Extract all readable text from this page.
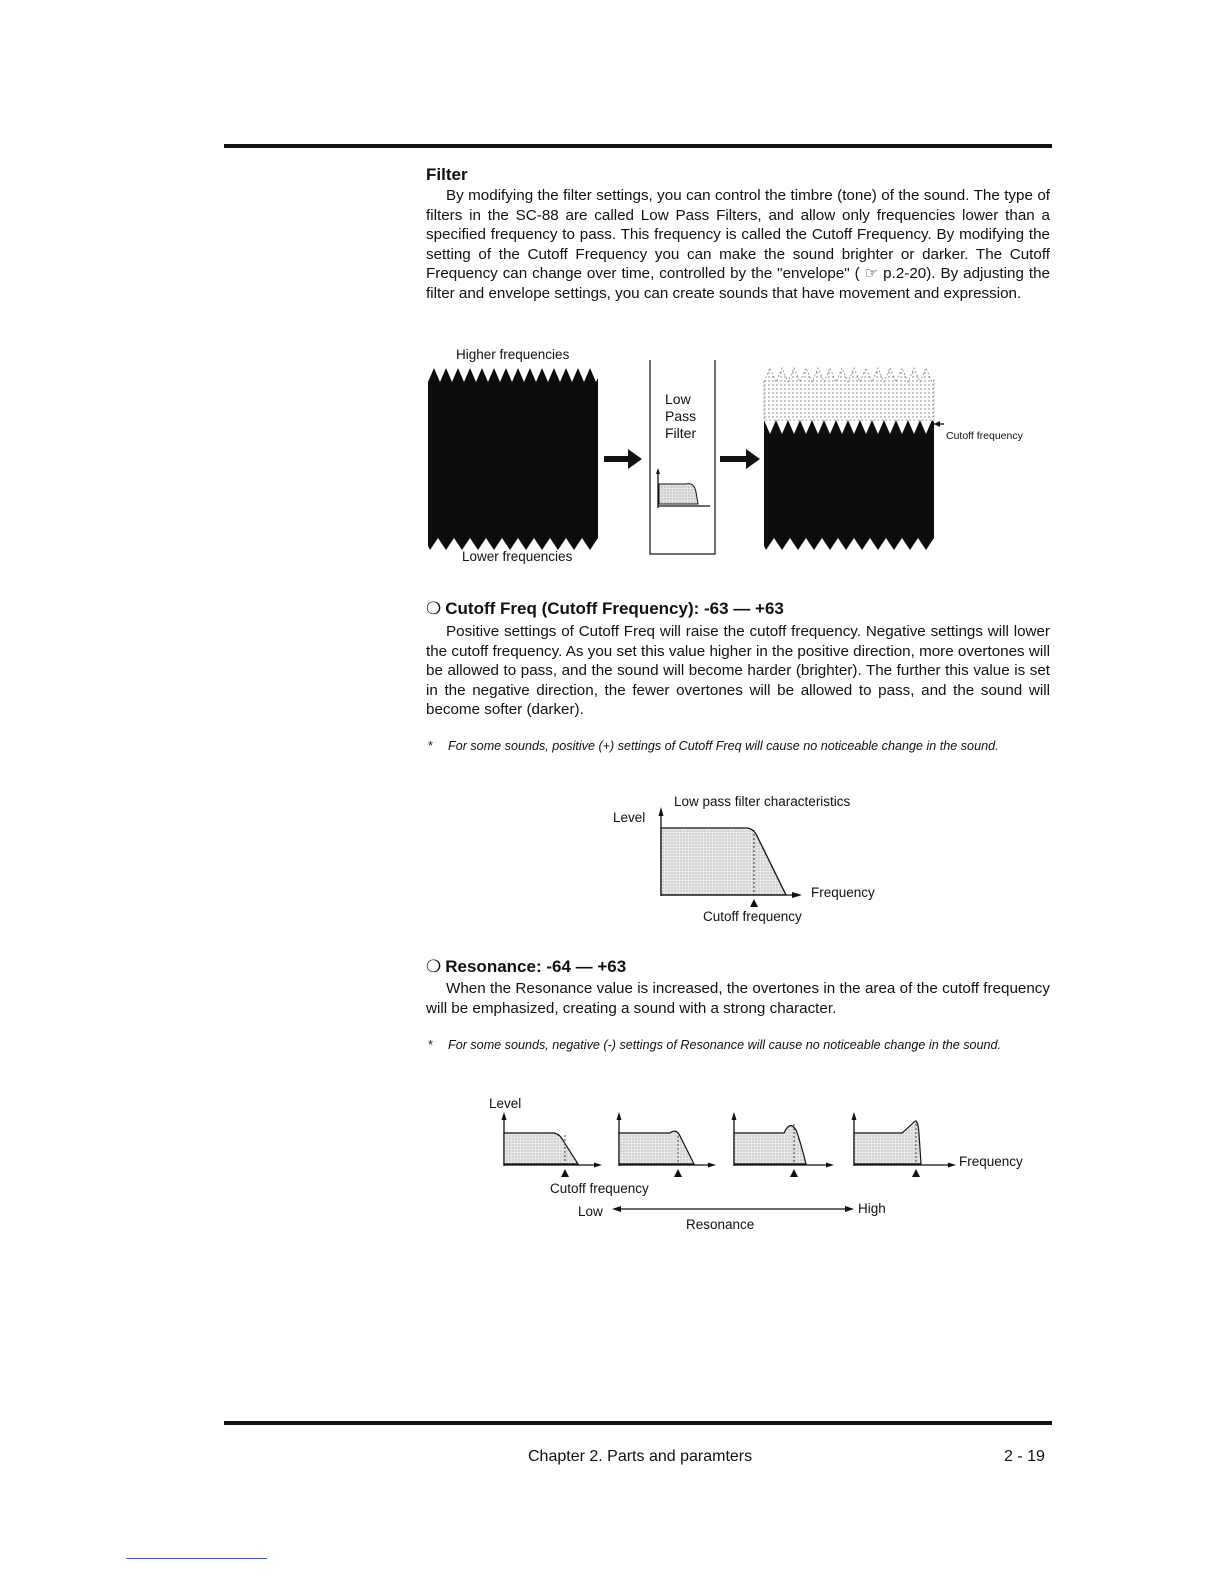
Filter

By modifying the filter settings, you can control the timbre (tone) of the sound. The type of filters in the SC-88 are called Low Pass Filters, and allow only frequencies lower than a specified frequency to pass. This frequency is called the Cutoff Frequency. By modifying the setting of the Cutoff Frequency you can make the sound brighter or darker. The Cutoff Frequency can change over time, controlled by the "envelope" ( ☞ p.2-20). By adjusting the filter and envelope settings, you can create sounds that have movement and expression.

Higher frequencies
Lower frequencies
Low
Pass
Filter	Cutoff frequency
❍ Cutoff Freq (Cutoff Frequency): -63 — +63

Positive settings of Cutoff Freq will raise the cutoff frequency. Negative settings will lower the cutoff frequency. As you set this value higher in the positive direction, more overtones will be allowed to pass, and the sound will become harder (brighter). The further this value is set in the negative direction, the fewer overtones will be allowed to pass, and the sound will become softer (darker).

*	For some sounds, positive (+) settings of Cutoff Freq will cause no noticeable change in the sound.
Low pass filter characteristics
Level
Frequency
Cutoff frequency
❍ Resonance: -64 — +63

When the Resonance value is increased, the overtones in the area of the cutoff frequency will be emphasized, creating a sound with a strong character.

*	For some sounds, negative (-) settings of Resonance will cause no noticeable change in the sound.
Level
Frequency
Cutoff frequency
Low	High
Resonance
Chapter 2. Parts and paramters	2 - 19
